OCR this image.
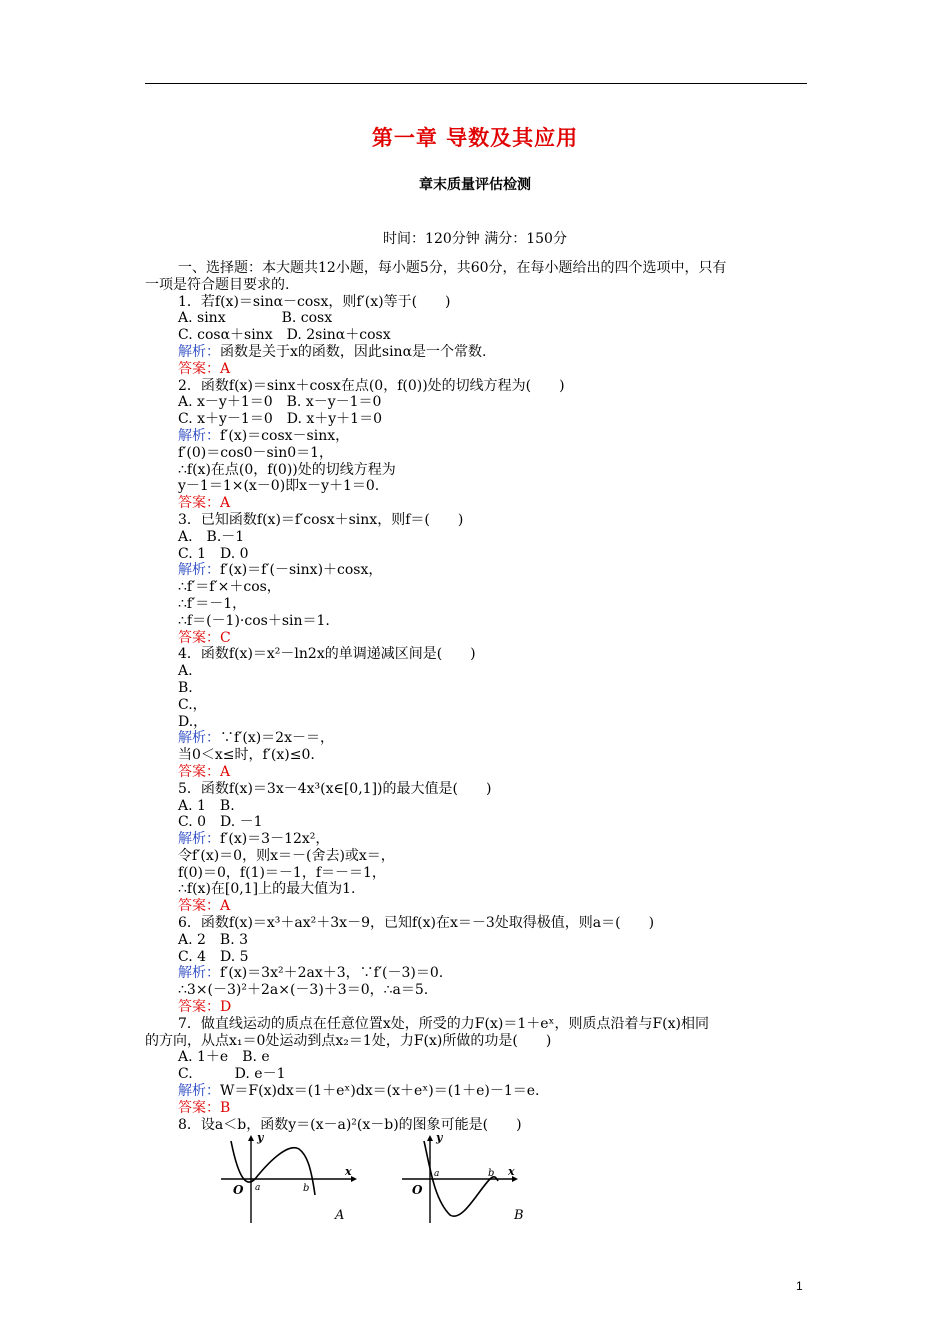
第一章 导数及其应用
章末质量评估检测
时间：120分钟 满分：150分
一、选择题：本大题共12小题，每小题5分，共60分，在每小题给出的四个选项中，只有
一项是符合题目要求的.
1．若f(x)＝sinα－cosx，则f′(x)等于(　　)
A. sinx　　　　B. cosx
C. cosα＋sinx　D. 2sinα＋cosx
解析：函数是关于x的函数，因此sinα是一个常数.
答案：A
2．函数f(x)＝sinx＋cosx在点(0，f(0))处的切线方程为(　　)
A. x－y＋1＝0　B. x－y－1＝0
C. x＋y－1＝0　D. x＋y＋1＝0
解析：f′(x)＝cosx－sinx，
f′(0)＝cos0－sin0＝1，
∴f(x)在点(0，f(0))处的切线方程为
y－1＝1×(x－0)即x－y＋1＝0.
答案：A
3．已知函数f(x)＝f′cosx＋sinx，则f＝(　　)
A.　B.－1
C. 1　D. 0
解析：f′(x)＝f′(－sinx)＋cosx，
∴f′＝f′×＋cos，
∴f′＝－1，
∴f＝(－1)·cos＋sin＝1.
答案：C
4．函数f(x)＝x²－ln2x的单调递减区间是(　　)
A.
B.
C.，
D.，
解析：∵f′(x)＝2x－＝，
当0＜x≤时，f′(x)≤0.
答案：A
5．函数f(x)＝3x－4x³(x∈[0,1])的最大值是(　　)
A. 1　B.
C. 0　D. －1
解析：f′(x)＝3－12x²，
令f′(x)＝0，则x＝－(舍去)或x＝，
f(0)＝0，f(1)＝－1，f＝－＝1，
∴f(x)在[0,1]上的最大值为1.
答案：A
6．函数f(x)＝x³＋ax²＋3x－9，已知f(x)在x＝－3处取得极值，则a＝(　　)
A. 2　B. 3
C. 4　D. 5
解析：f′(x)＝3x²＋2ax＋3，∵f′(－3)＝0.
∴3×(－3)²＋2a×(－3)＋3＝0，∴a＝5.
答案：D
7．做直线运动的质点在任意位置x处，所受的力F(x)＝1＋eˣ，则质点沿着与F(x)相同
的方向，从点x₁＝0处运动到点x₂＝1处，力F(x)所做的功是(　　)
A. 1＋e　B. e
C.　　　D. e－1
解析：W＝F(x)dx＝(1＋eˣ)dx＝(x＋eˣ)＝(1＋e)－1＝e.
答案：B
8．设a＜b，函数y＝(x－a)²(x－b)的图象可能是(　　)
y
x
O a	b
A
y
x
O
a	b
B
1
